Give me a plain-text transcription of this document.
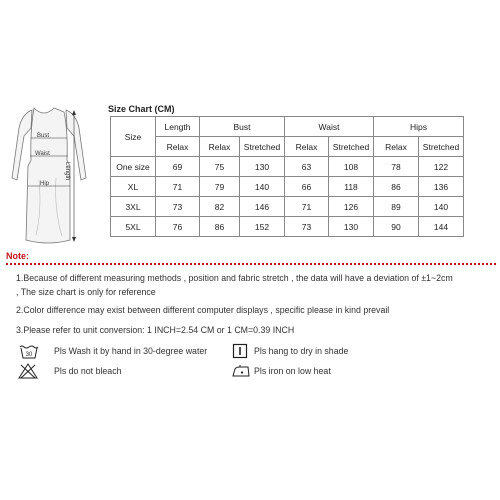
Bust
Waist
Hip
Length
Size Chart (CM)
Size	Length	Bust		Waist		Hips	
	Relax	Relax	Stretched	Relax	Stretched	Relax	Stretched
One size	69	75	130	63	108	78	122
XL	71	79	140	66	118	86	136
3XL	73	82	146	71	126	89	140
5XL	76	86	152	73	130	90	144
Note:
1.Because of different measuring methods , position and fabric stretch , the data will have a deviation of ±1~2cm
, The size chart is only for reference
2.Color difference may exist between different computer displays , specific please in kind prevail
3.Please refer to unit conversion: 1 INCH=2.54 CM or 1 CM=0.39 INCH
30 Pls Wash it by hand in 30-degree water	Pls hang to dry in shade
Pls do not bleach	Pls iron on low heat
